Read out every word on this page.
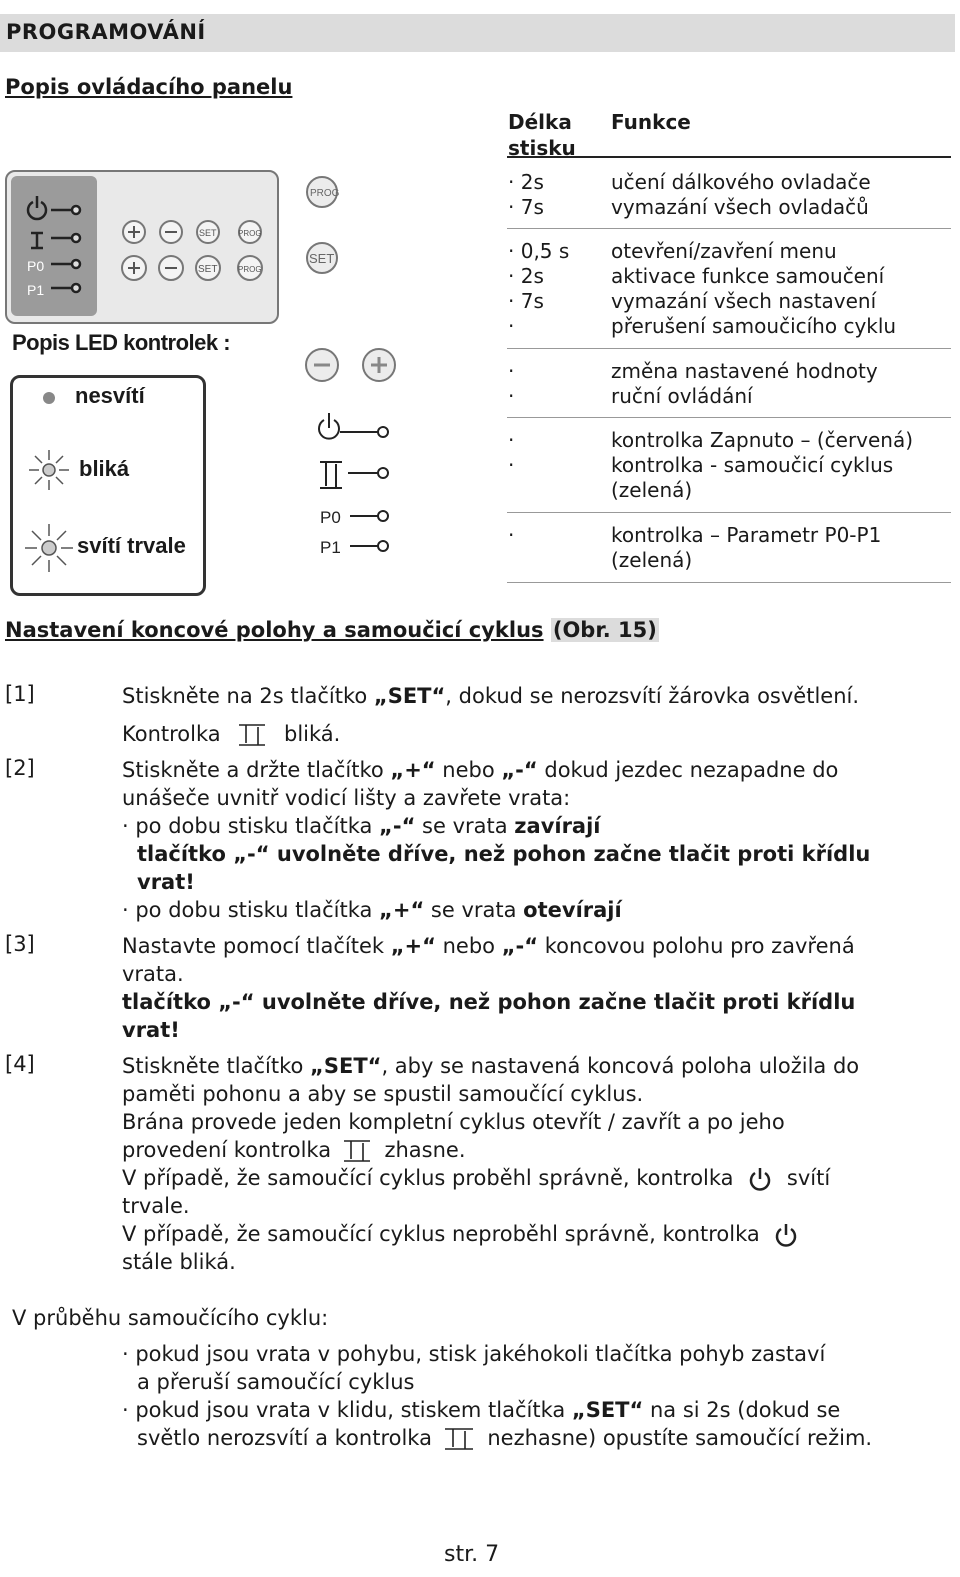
PROGRAMOVÁNÍ
Popis ovládacího panelu
P0
P1
SET	PROG
SET	PROG
Popis LED kontrolek :
nesvítí
bliká
svítí trvale
PROG
SET
P0
P1
Délka
stisku
Funkce
· 2s	učení dálkového ovladače
· 7s	vymazání všech ovladačů
· 0,5 s otevření/zavření menu
· 2s	aktivace funkce samoučení
· 7s	vymazání všech nastavení
·	přerušení samoučicího cyklu
·	změna nastavené hodnoty
·	ruční ovládání
·	kontrolka Zapnuto – (červená)
·	kontrolka - samoučicí cyklus
(zelená)
·	kontrolka – Parametr P0-P1
(zelená)
Nastavení koncové polohy a samoučicí cyklus (Obr. 15)
[1]	Stiskněte na 2s tlačítko „SET“, dokud se nerozsvítí žárovka osvětlení.
Kontrolka	bliká.
[2]	Stiskněte a držte tlačítko „+“ nebo „-“ dokud jezdec nezapadne do
unášeče uvnitř vodicí lišty a zavřete vrata:
· po dobu stisku tlačítka „-“ se vrata zavírají
tlačítko „-“ uvolněte dříve, než pohon začne tlačit proti křídlu
vrat!
· po dobu stisku tlačítka „+“ se vrata otevírají
[3]	Nastavte pomocí tlačítek „+“ nebo „-“ koncovou polohu pro zavřená
vrata.
tlačítko „-“ uvolněte dříve, než pohon začne tlačit proti křídlu
vrat!
[4]	Stiskněte tlačítko „SET“, aby se nastavená koncová poloha uložila do
paměti pohonu a aby se spustil samoučící cyklus.
Brána provede jeden kompletní cyklus otevřít / zavřít a po jeho
provedení kontrolka	zhasne.
V případě, že samoučící cyklus proběhl správně, kontrolka	svítí
trvale.
V případě, že samoučící cyklus neproběhl správně, kontrolka
stále bliká.
V průběhu samoučícího cyklu:
· pokud jsou vrata v pohybu, stisk jakéhokoli tlačítka pohyb zastaví
a přeruší samoučící cyklus
· pokud jsou vrata v klidu, stiskem tlačítka „SET“ na si 2s (dokud se
světlo nerozsvítí a kontrolka	nezhasne) opustíte samoučící režim.
str. 7
